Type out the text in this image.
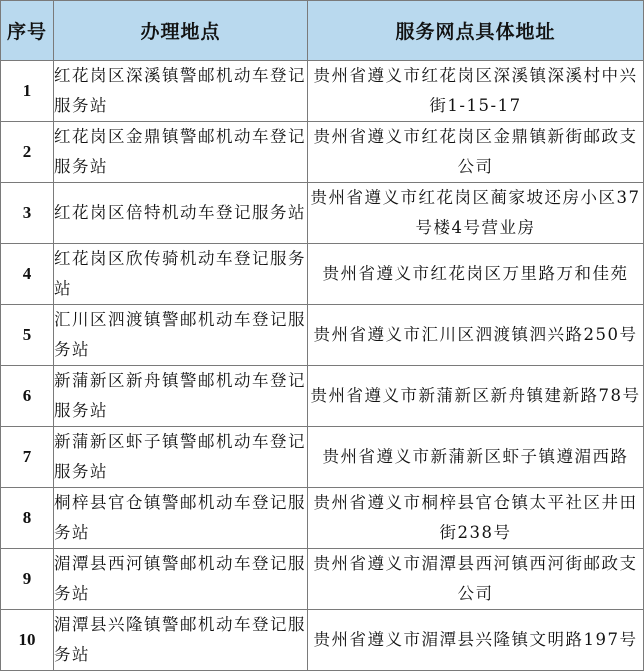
序号	办理地点	服务网点具体地址
1	红花岗区深溪镇警邮机动车登记服务站	贵州省遵义市红花岗区深溪镇深溪村中兴街1-15-17
2	红花岗区金鼎镇警邮机动车登记服务站	贵州省遵义市红花岗区金鼎镇新街邮政支公司
3	红花岗区倍特机动车登记服务站	贵州省遵义市红花岗区蔺家坡还房小区37号楼4号营业房
4	红花岗区欣传骑机动车登记服务站	贵州省遵义市红花岗区万里路万和佳苑
5	汇川区泗渡镇警邮机动车登记服务站	贵州省遵义市汇川区泗渡镇泗兴路250号
6	新蒲新区新舟镇警邮机动车登记服务站	贵州省遵义市新蒲新区新舟镇建新路78号
7	新蒲新区虾子镇警邮机动车登记服务站	贵州省遵义市新蒲新区虾子镇遵湄西路
8	桐梓县官仓镇警邮机动车登记服务站	贵州省遵义市桐梓县官仓镇太平社区井田街238号
9	湄潭县西河镇警邮机动车登记服务站	贵州省遵义市湄潭县西河镇西河街邮政支公司
10	湄潭县兴隆镇警邮机动车登记服务站	贵州省遵义市湄潭县兴隆镇文明路197号
